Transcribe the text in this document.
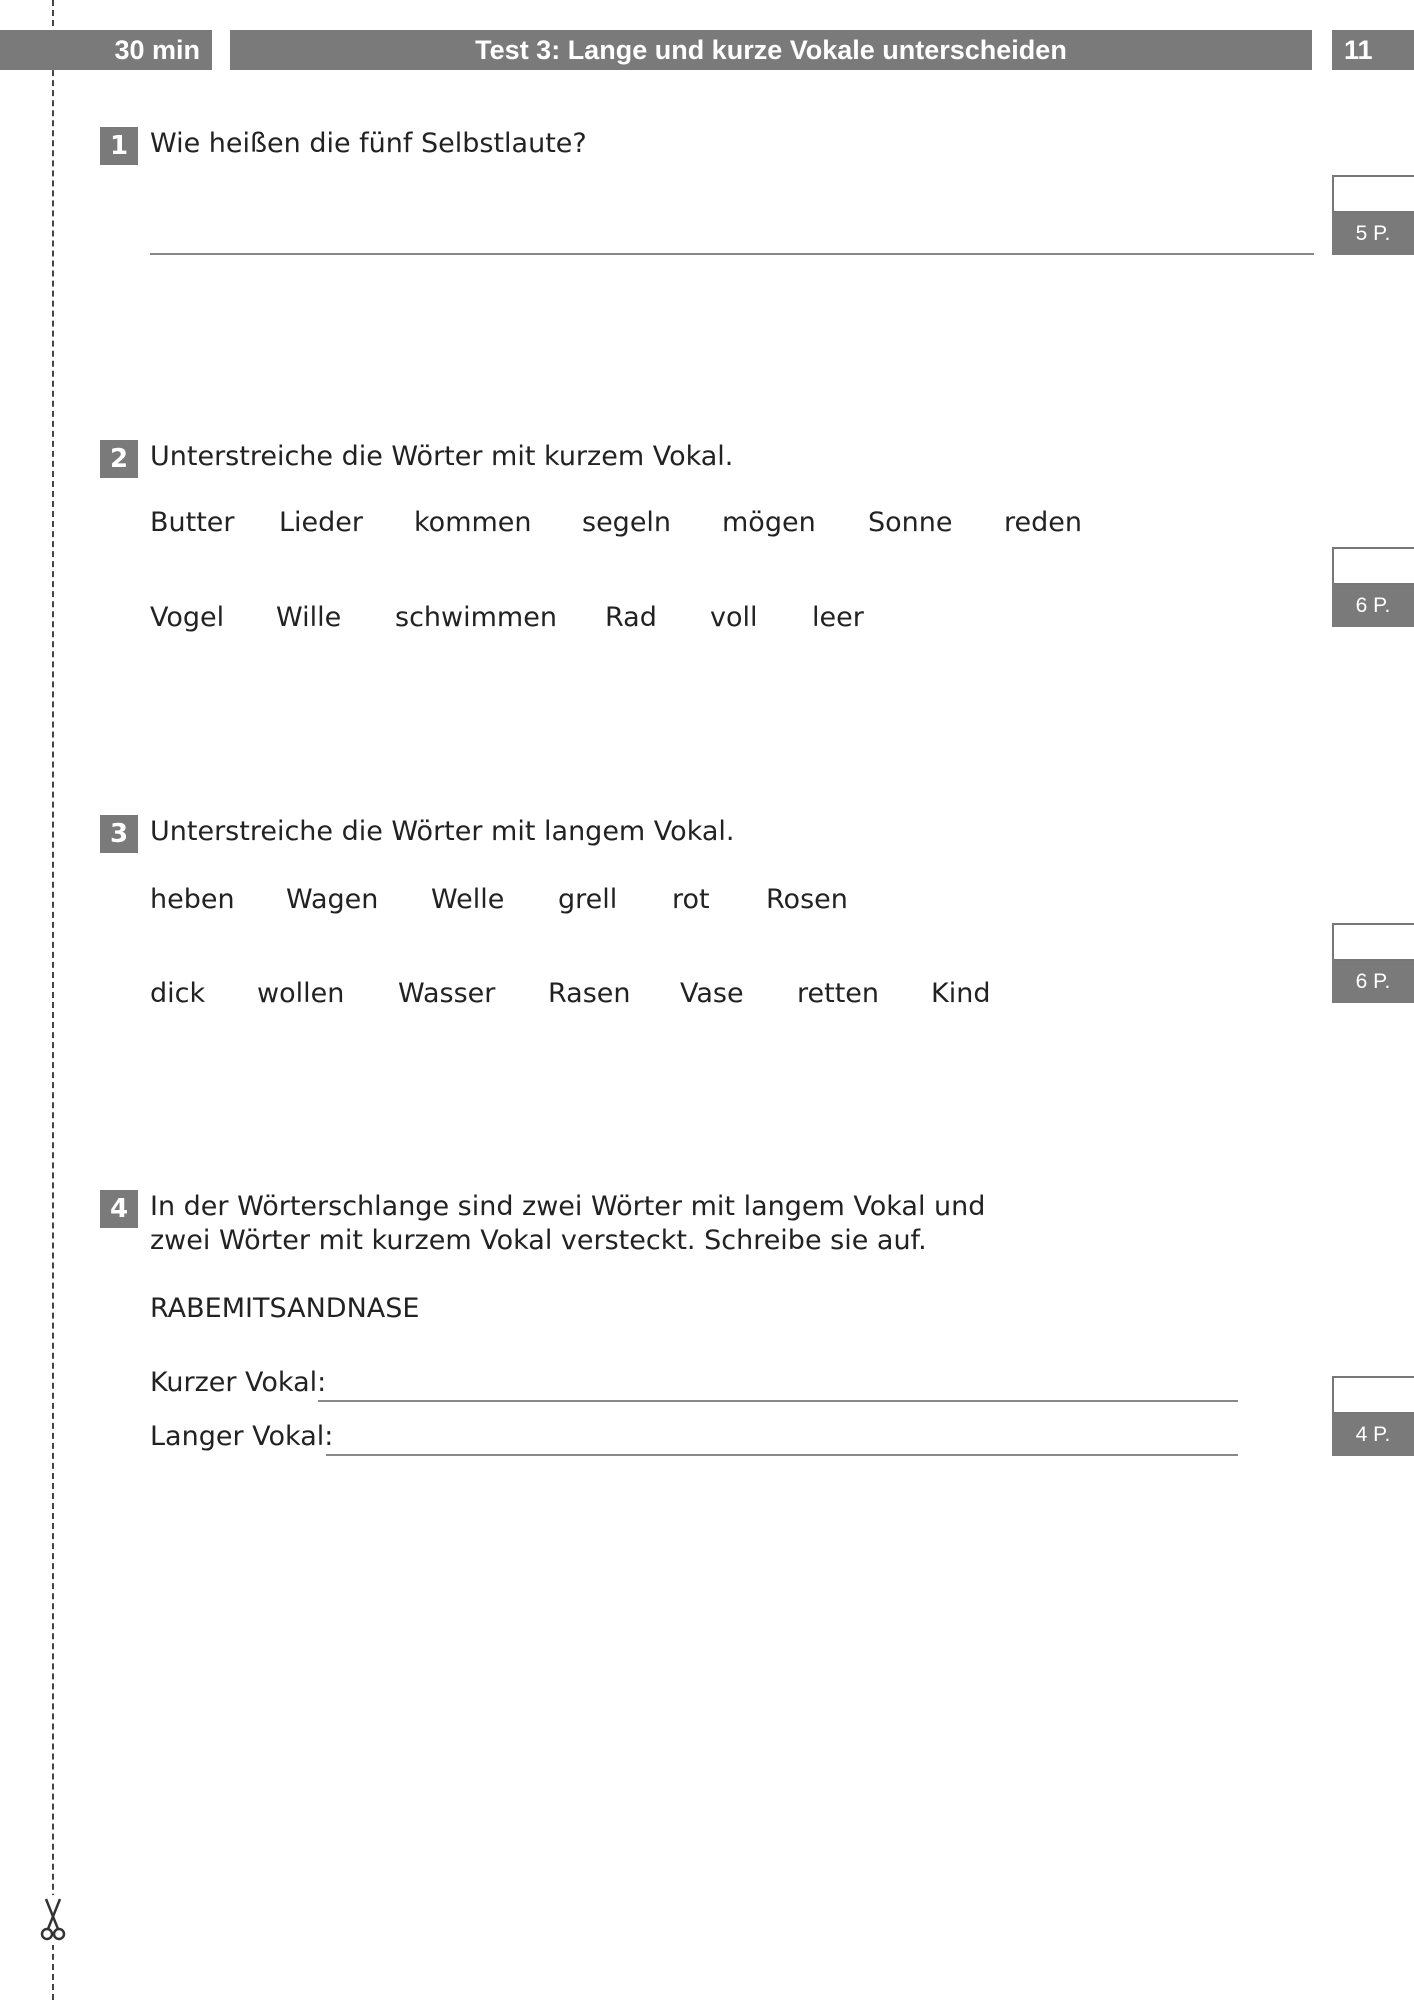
30 min	Test 3: Lange und kurze Vokale unterscheiden	11
1 Wie heißen die fünf Selbstlaute?
5 P.
2 Unterstreiche die Wörter mit kurzem Vokal.
Butter Lieder kommen segeln mögen Sonne reden
Vogel Wille schwimmen Rad voll leer	6 P.
3 Unterstreiche die Wörter mit langem Vokal.
heben Wagen Welle grell rot Rosen
dick wollen Wasser Rasen Vase retten Kind	6 P.
4 In der Wörterschlange sind zwei Wörter mit langem Vokal und
zwei Wörter mit kurzem Vokal versteckt. Schreibe sie auf.
RABEMITSANDNASE
Kurzer Vokal:
Langer Vokal:	4 P.
